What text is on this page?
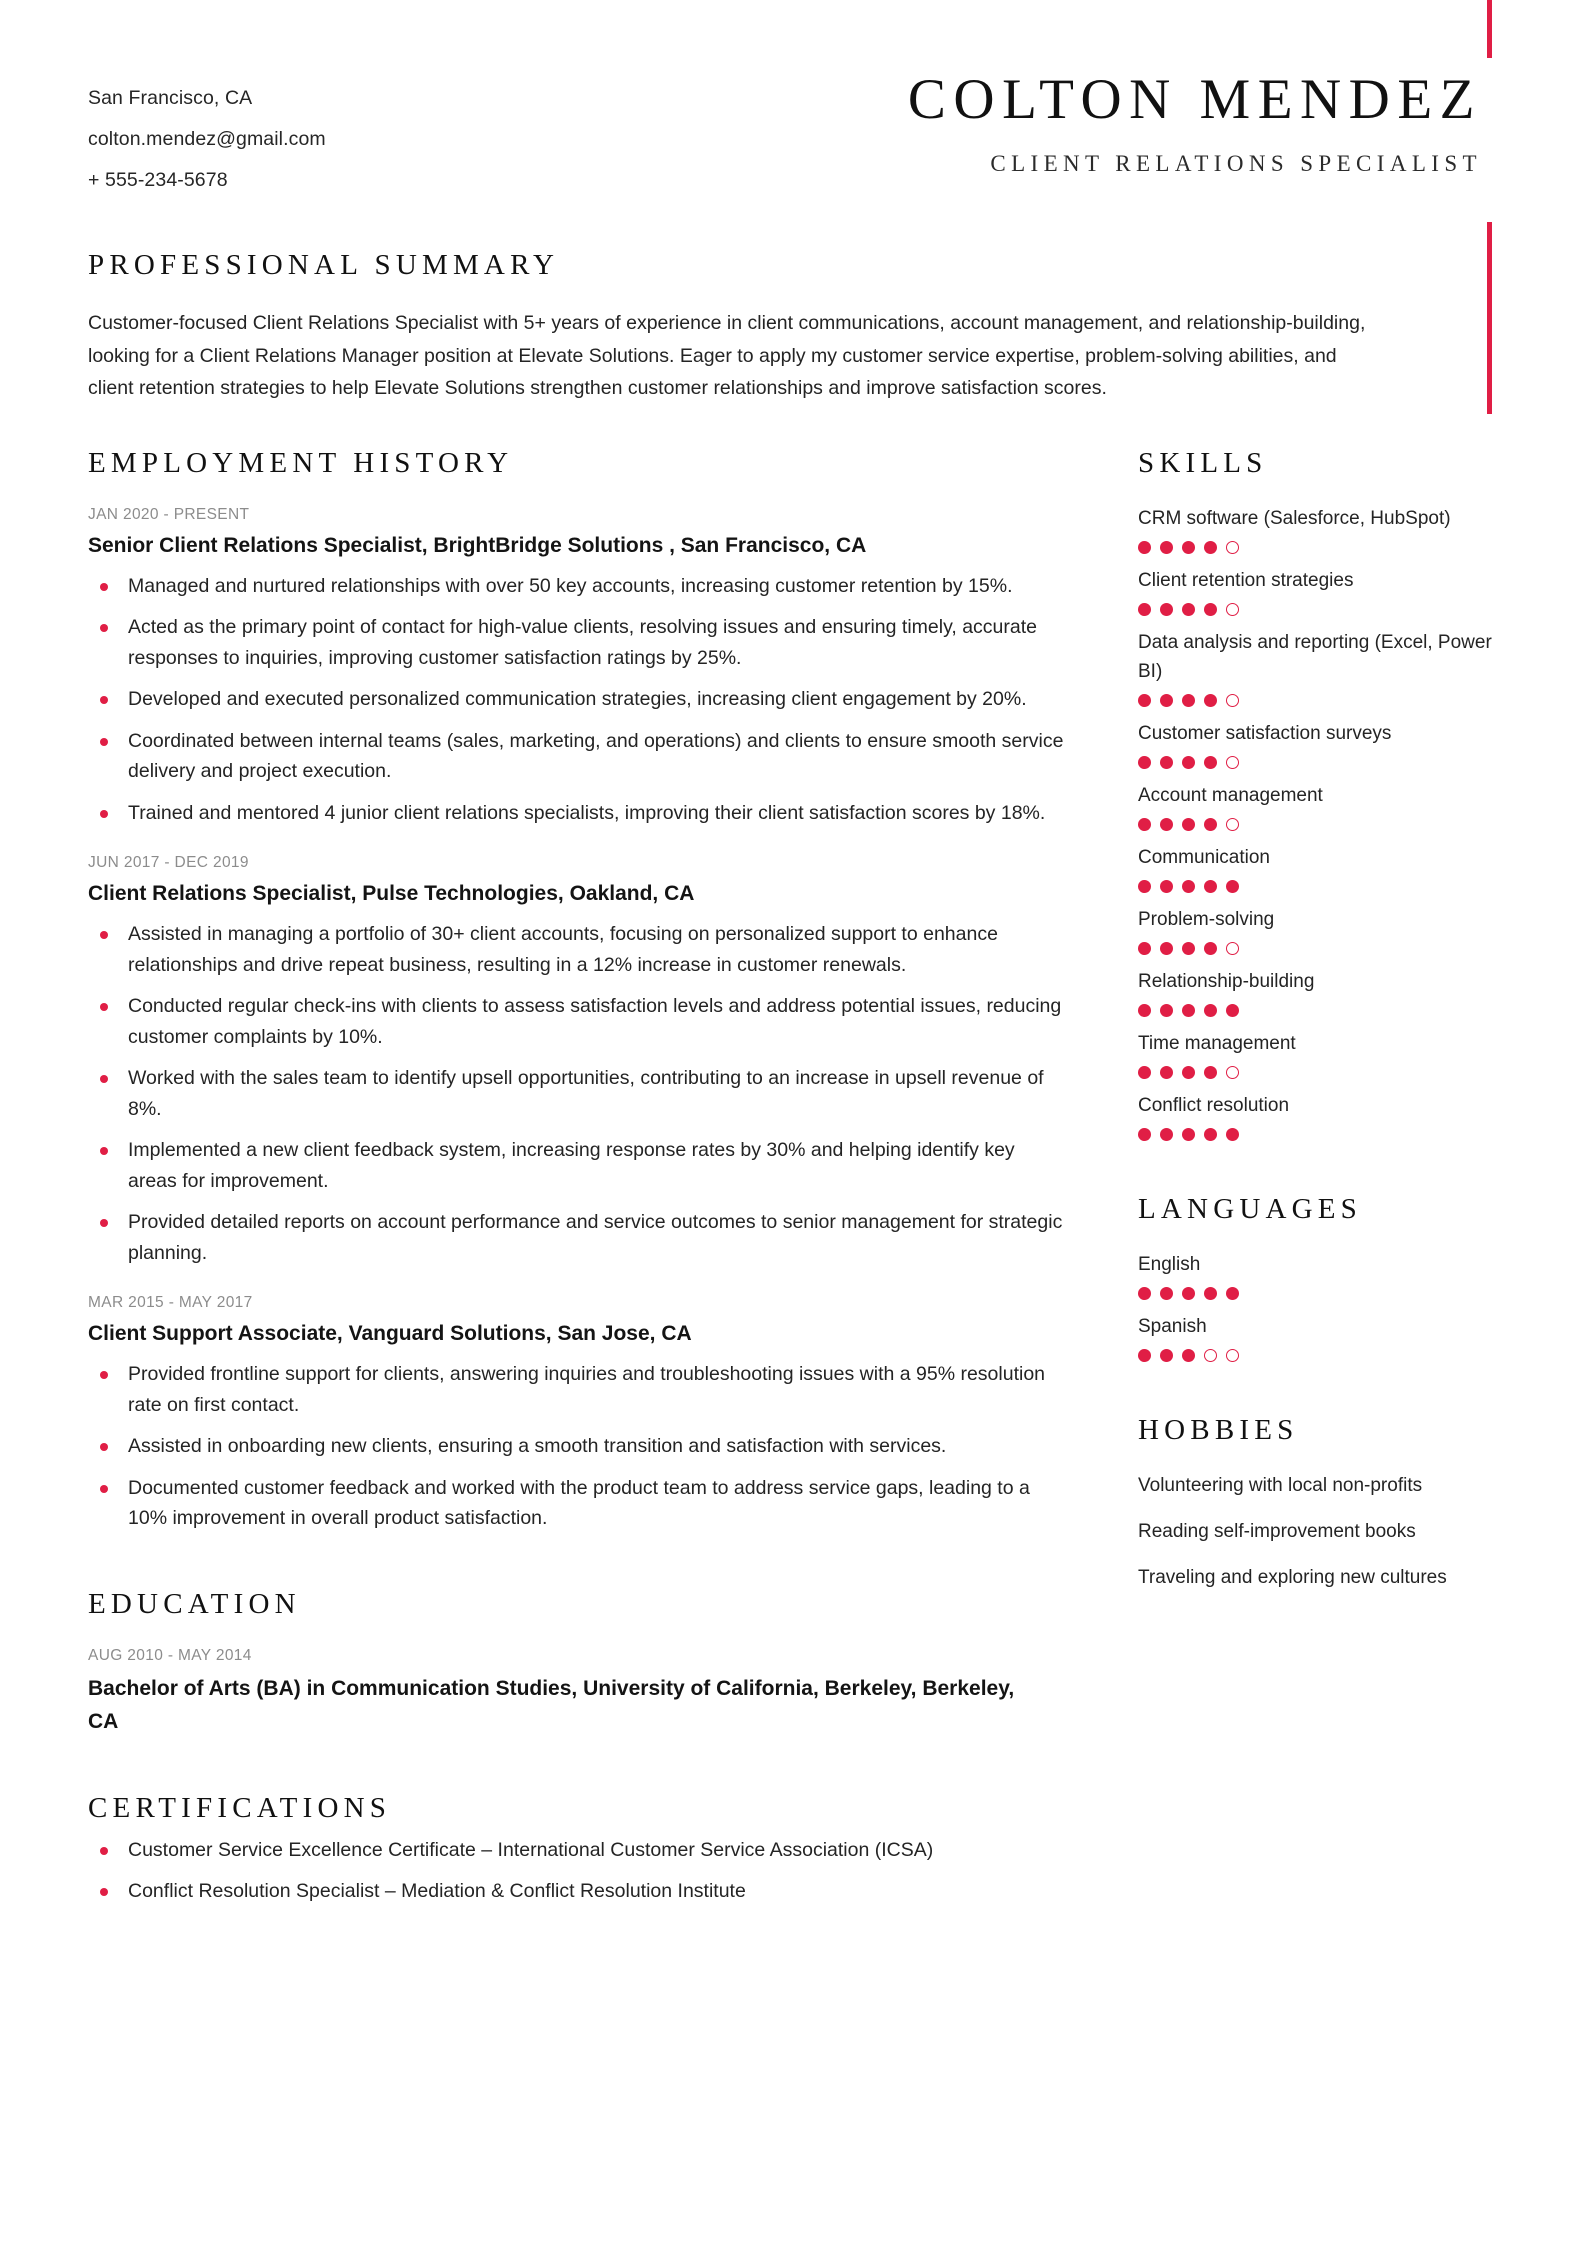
San Francisco, CA
colton.mendez@gmail.com
+ 555-234-5678
COLTON MENDEZ
CLIENT RELATIONS SPECIALIST
PROFESSIONAL SUMMARY
Customer-focused Client Relations Specialist with 5+ years of experience in client communications, account management, and relationship-building, looking for a Client Relations Manager position at Elevate Solutions. Eager to apply my customer service expertise, problem-solving abilities, and client retention strategies to help Elevate Solutions strengthen customer relationships and improve satisfaction scores.
EMPLOYMENT HISTORY
JAN 2020 - PRESENT
Senior Client Relations Specialist, BrightBridge Solutions , San Francisco, CA
Managed and nurtured relationships with over 50 key accounts, increasing customer retention by 15%.
Acted as the primary point of contact for high-value clients, resolving issues and ensuring timely, accurate responses to inquiries, improving customer satisfaction ratings by 25%.
Developed and executed personalized communication strategies, increasing client engagement by 20%.
Coordinated between internal teams (sales, marketing, and operations) and clients to ensure smooth service delivery and project execution.
Trained and mentored 4 junior client relations specialists, improving their client satisfaction scores by 18%.
JUN 2017 - DEC 2019
Client Relations Specialist, Pulse Technologies, Oakland, CA
Assisted in managing a portfolio of 30+ client accounts, focusing on personalized support to enhance relationships and drive repeat business, resulting in a 12% increase in customer renewals.
Conducted regular check-ins with clients to assess satisfaction levels and address potential issues, reducing customer complaints by 10%.
Worked with the sales team to identify upsell opportunities, contributing to an increase in upsell revenue of 8%.
Implemented a new client feedback system, increasing response rates by 30% and helping identify key areas for improvement.
Provided detailed reports on account performance and service outcomes to senior management for strategic planning.
MAR 2015 - MAY 2017
Client Support Associate, Vanguard Solutions, San Jose, CA
Provided frontline support for clients, answering inquiries and troubleshooting issues with a 95% resolution rate on first contact.
Assisted in onboarding new clients, ensuring a smooth transition and satisfaction with services.
Documented customer feedback and worked with the product team to address service gaps, leading to a 10% improvement in overall product satisfaction.
EDUCATION
AUG 2010 - MAY 2014
Bachelor of Arts (BA) in Communication Studies, University of California, Berkeley, Berkeley, CA
CERTIFICATIONS
Customer Service Excellence Certificate – International Customer Service Association (ICSA)
Conflict Resolution Specialist – Mediation & Conflict Resolution Institute
SKILLS
CRM software (Salesforce, HubSpot)
Client retention strategies
Data analysis and reporting (Excel, Power BI)
Customer satisfaction surveys
Account management
Communication
Problem-solving
Relationship-building
Time management
Conflict resolution
LANGUAGES
English
Spanish
HOBBIES
Volunteering with local non-profits
Reading self-improvement books
Traveling and exploring new cultures
